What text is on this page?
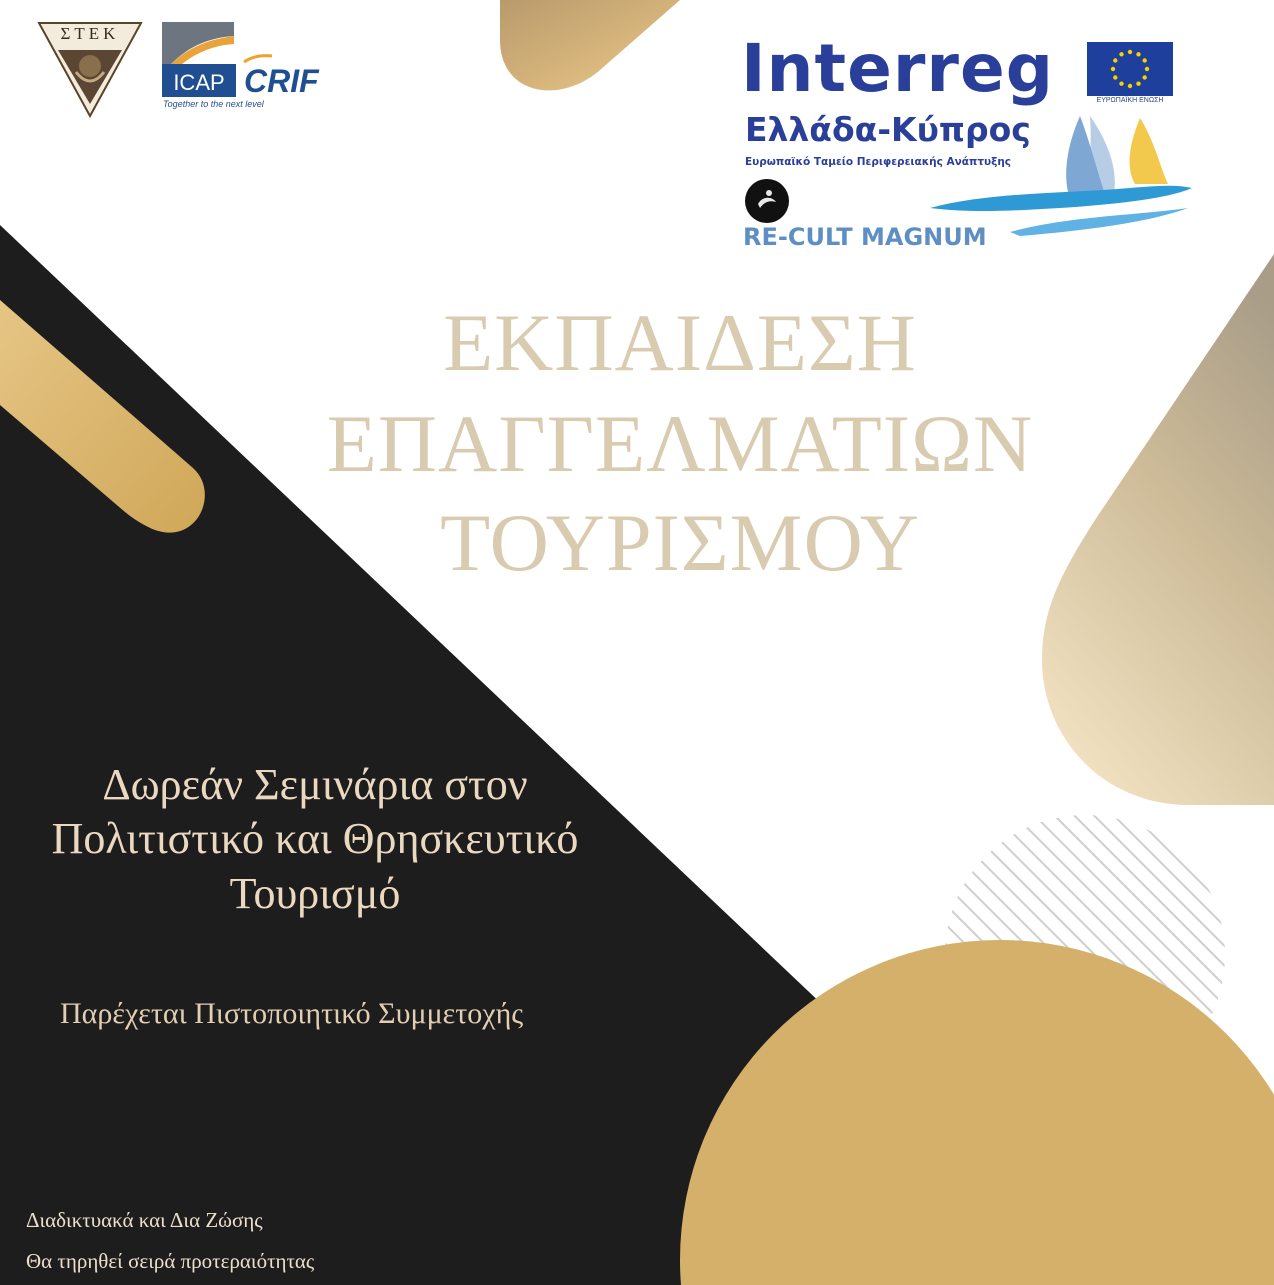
ΣΤΕΚ
ICAP
Together to the next level
CRIF	Interreg
Ελλάδα-Κύπρος
Ευρωπαϊκό Ταμείο Περιφερειακής Ανάπτυξης
ΕΥΡΩΠΑΪΚΗ ΕΝΩΣΗ
RE-CULT MAGNUM
ΕΚΠΑΙΔΕΣΗ
ΕΠΑΓΓΕΛΜΑΤΙΩΝ
ΤΟΥΡΙΣΜΟΥ
Δωρεάν Σεμινάρια στον
Πολιτιστικό και Θρησκευτικό
Τουρισμό
Παρέχεται Πιστοποιητικό Συμμετοχής
Διαδικτυακά και Δια Ζώσης
Θα τηρηθεί σειρά προτεραιότητας
